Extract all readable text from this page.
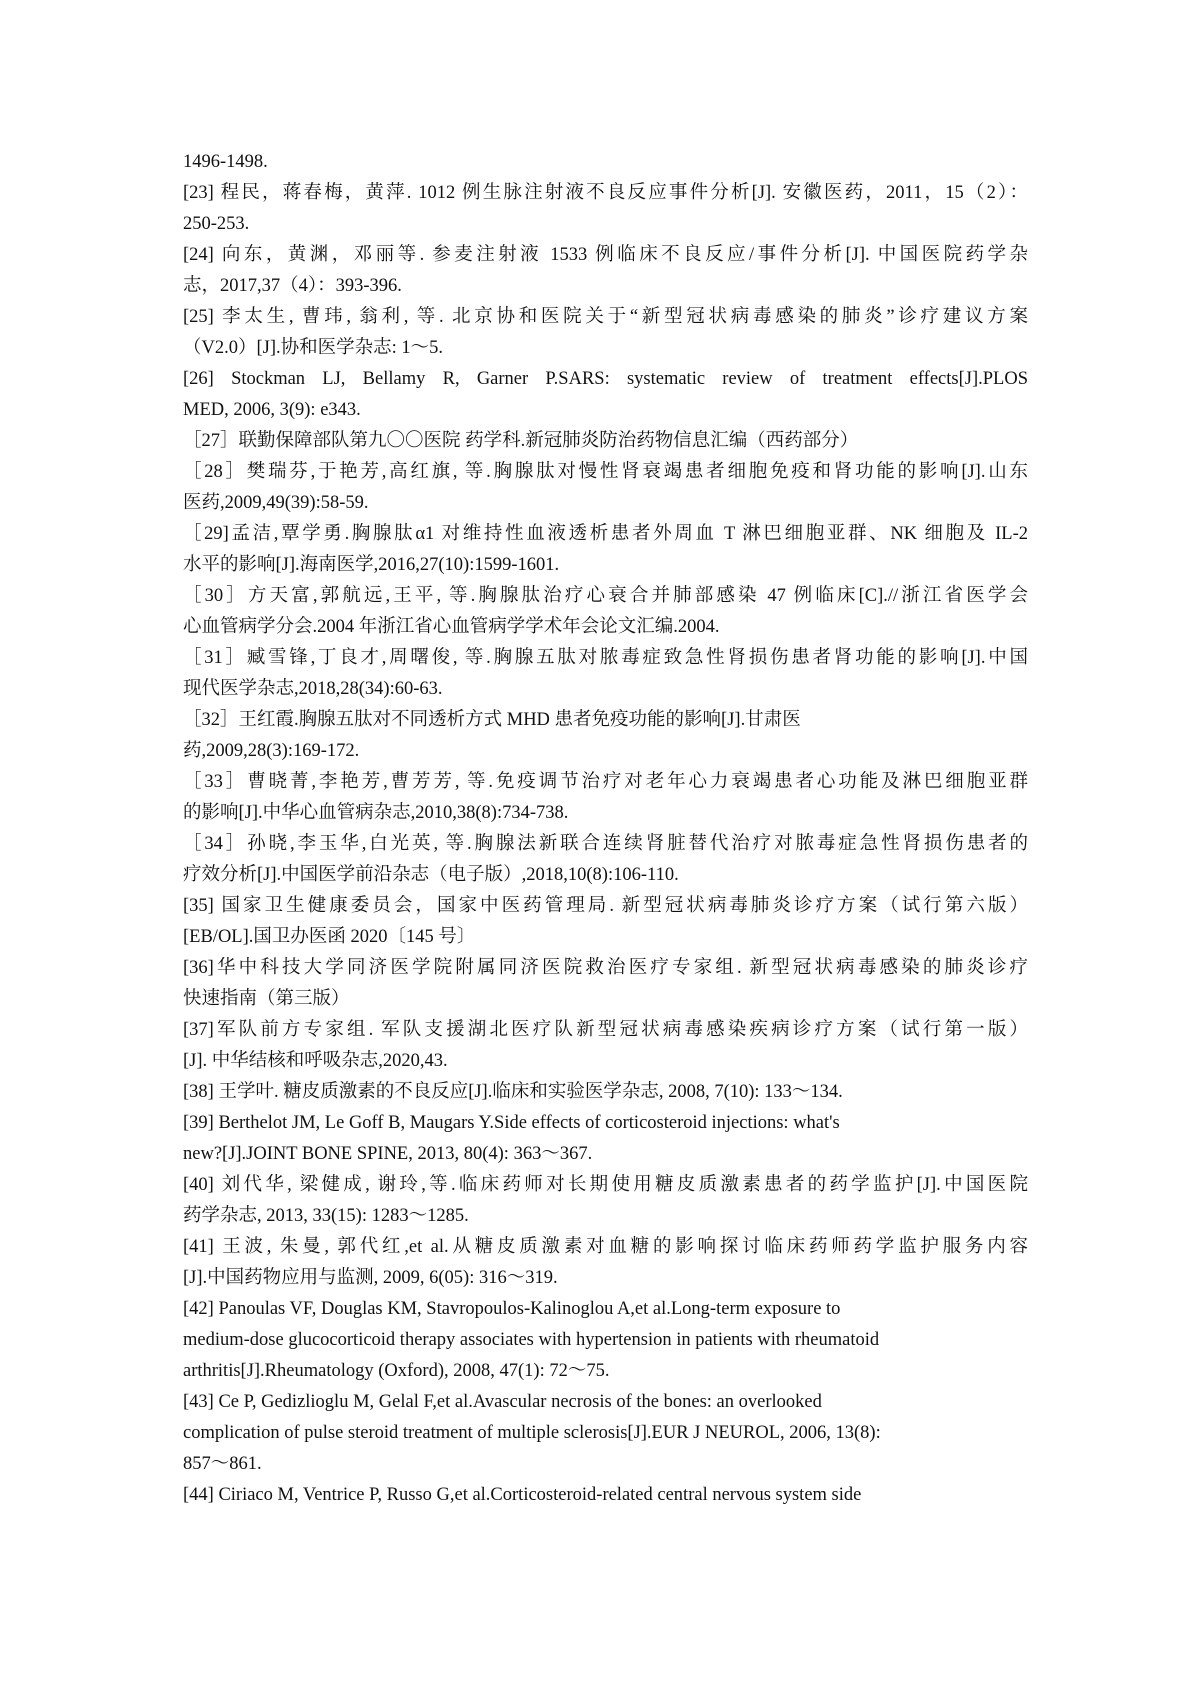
1496-1498.
[23] 程民，蒋春梅，黄萍. 1012 例生脉注射液不良反应事件分析[J]. 安徽医药，2011，15（2）：
250-253.
[24] 向东，黄渊，邓丽等. 参麦注射液 1533 例临床不良反应/事件分析[J]. 中国医院药学杂
志，2017,37（4）：393-396.
[25] 李太生, 曹玮, 翁利, 等. 北京协和医院关于“新型冠状病毒感染的肺炎”诊疗建议方案
（V2.0）[J].协和医学杂志: 1～5.
[26] Stockman LJ, Bellamy R, Garner P.SARS: systematic review of treatment effects[J].PLOS
MED, 2006, 3(9): e343.
［27］联勤保障部队第九〇〇医院 药学科.新冠肺炎防治药物信息汇编（西药部分）
［28］樊瑞芬,于艳芳,高红旗, 等.胸腺肽对慢性肾衰竭患者细胞免疫和肾功能的影响[J].山东
医药,2009,49(39):58-59.
［29]孟洁,覃学勇.胸腺肽α1 对维持性血液透析患者外周血 T 淋巴细胞亚群、NK 细胞及 IL-2
水平的影响[J].海南医学,2016,27(10):1599-1601.
［30］方天富,郭航远,王平, 等.胸腺肽治疗心衰合并肺部感染 47 例临床[C].//浙江省医学会
心血管病学分会.2004 年浙江省心血管病学学术年会论文汇编.2004.
［31］臧雪锋,丁良才,周曙俊, 等.胸腺五肽对脓毒症致急性肾损伤患者肾功能的影响[J].中国
现代医学杂志,2018,28(34):60-63.
［32］王红霞.胸腺五肽对不同透析方式 MHD 患者免疫功能的影响[J].甘肃医
药,2009,28(3):169-172.
［33］曹晓菁,李艳芳,曹芳芳, 等.免疫调节治疗对老年心力衰竭患者心功能及淋巴细胞亚群
的影响[J].中华心血管病杂志,2010,38(8):734-738.
［34］孙晓,李玉华,白光英, 等.胸腺法新联合连续肾脏替代治疗对脓毒症急性肾损伤患者的
疗效分析[J].中国医学前沿杂志（电子版）,2018,10(8):106-110.
[35] 国家卫生健康委员会，国家中医药管理局. 新型冠状病毒肺炎诊疗方案（试行第六版）
[EB/OL].国卫办医函 2020〔145 号〕
[36]华中科技大学同济医学院附属同济医院救治医疗专家组. 新型冠状病毒感染的肺炎诊疗
快速指南（第三版）
[37]军队前方专家组. 军队支援湖北医疗队新型冠状病毒感染疾病诊疗方案（试行第一版）
[J]. 中华结核和呼吸杂志,2020,43.
[38] 王学叶. 糖皮质激素的不良反应[J].临床和实验医学杂志, 2008, 7(10): 133～134.
[39] Berthelot JM, Le Goff B, Maugars Y.Side effects of corticosteroid injections: what's
new?[J].JOINT BONE SPINE, 2013, 80(4): 363～367.
[40] 刘代华, 梁健成, 谢玲,等.临床药师对长期使用糖皮质激素患者的药学监护[J].中国医院
药学杂志, 2013, 33(15): 1283～1285.
[41] 王波, 朱曼, 郭代红,et al.从糖皮质激素对血糖的影响探讨临床药师药学监护服务内容
[J].中国药物应用与监测, 2009, 6(05): 316～319.
[42] Panoulas VF, Douglas KM, Stavropoulos-Kalinoglou A,et al.Long-term exposure to
medium-dose glucocorticoid therapy associates with hypertension in patients with rheumatoid
arthritis[J].Rheumatology (Oxford), 2008, 47(1): 72～75.
[43] Ce P, Gedizlioglu M, Gelal F,et al.Avascular necrosis of the bones: an overlooked
complication of pulse steroid treatment of multiple sclerosis[J].EUR J NEUROL, 2006, 13(8):
857～861.
[44] Ciriaco M, Ventrice P, Russo G,et al.Corticosteroid-related central nervous system side
